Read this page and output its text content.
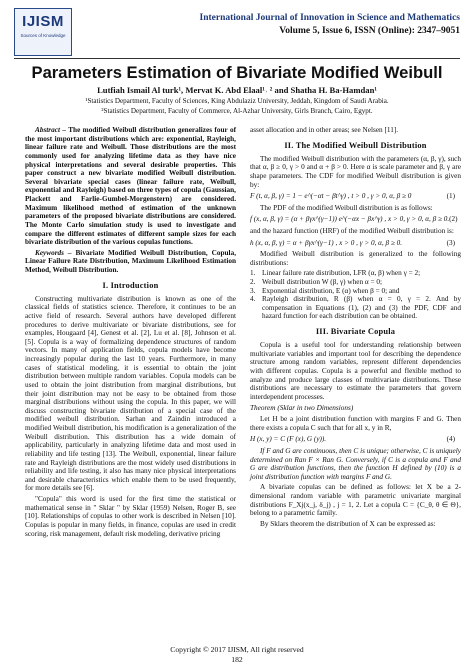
IJISM
Sources of Knowledge
International Journal of Innovation in Science and Mathematics
Volume 5, Issue 6, ISSN (Online): 2347–9051
Parameters Estimation of Bivariate Modified Weibull
Lutfiah Ismail Al turk¹, Mervat K. Abd Elaal¹˒ ² and Shatha H. Ba-Hamdan¹
¹Statistics Department, Faculty of Sciences, King Abdulaziz University, Jeddah, Kingdom of Saudi Arabia.
²Statistics Department, Faculty of Commerce, Al-Azhar University, Girls Branch, Cairo, Egypt.

Abstract – The modified Weibull distribution generalizes four of the most important distributions which are: exponential, Rayleigh, linear failure rate and Weibull. Those distributions are the most commonly used for analyzing lifetime data as they have nice physical interpretations and several desirable properties. This paper construct a new bivariate modified Weibull distribution. Several bivariate special cases (linear failure rate, Weibull, exponential and Rayleigh) based on three types of copula (Gaussian, Plackett and Farlie-Gumbel-Morgenstern) are considered. Maximum likelihood method of estimation of the unknown parameters of the proposed bivariate distributions are considered. The Monte Carlo simulation study is used to investigate and compare the different estimates of different sample sizes for each bivariate distribution of the various copulas functions.

Keywords – Bivariate Modified Weibull Distribution, Copula, Linear Failure Rate Distribution, Maximum Likelihood Estimation Method, Weibull Distribution.

I. Introduction

Constructing multivariate distribution is known as one of the classical fields of statistics science. Therefore, it continues to be an active field of research. Several authors have developed different procedures to derive multivariate or bivariate distributions, see for examples, Hougaard [4], Genest et al. [2], Lu et al. [8], Johnson et al. [5]. Copula is a way of formalizing dependence structures of random vectors. In many of application fields, copula models have become increasingly popular during the last 10 years. Furthermore, in many cases of statistical modeling, it is essential to obtain the joint distribution between multiple random variables. Copula models can be used to obtain the joint distribution from marginal distributions, but their joint distribution may not be easy to be obtained from those marginal distributions without using the copula. In this paper, we will discuss constructing bivariate distribution of a special case of the modified weibull distribution. Sarhan and Zaindin introduced a modified Weibull distribution, his modification is a generalization of the Weibull distribution. This distribution has a wide domain of applicability, particularly in analyzing lifetime data and most used in reliability and life testing [13]. The Weibull, exponential, linear failure rate and Rayleigh distributions are the most widely used distributions in reliability and life testing, it also has many nice physical interpretations and desirable characteristics which enable them to be used frequently, for more details see [6].

"Copula" this word is used for the first time the statistical or mathematical sense in " Sklar " by Sklar (1959) Nelsen, Roger B, see [10]. Relationships of copulas to other work is described in Nelsen [10]. Copulas is popular in many fields, in finance, copulas are used in credit scoring, risk management, default risk modeling, derivative pricing

asset allocation and in other areas; see Nelsen [11].

II. The Modified Weibull Distribution

The modified Weibull distribution with the parameters (α, β, γ), such that α, β ≥ 0, γ > 0 and α + β > 0. Here α is scale parameter and β, γ are shape parameters. The CDF for modified Weibull distribution is given by:

F (t, α, β, γ) = 1 − e^(−αt − βt^γ) , t > 0 , γ > 0, α, β ≥ 0	(1)

The PDF of the modified Weibull distribution is as follows:

f (x, α, β, γ) = (α + βγx^(γ−1)) e^(−αx − βx^γ) , x > 0, γ > 0, α, β ≥ 0. (2)

and the hazard function (HRF) of the modified Weibull distribution is:

h (x, α, β, γ) = α + βγx^(γ−1) , x > 0 , γ > 0, α, β ≥ 0.	(3)

Modified Weibull distribution is generalized to the following distributions:

1. Linear failure rate distribution, LFR (α, β) when γ = 2;
2. Weibull distribution W (β, γ) when α = 0;
3. Exponential distribution, E (α) when β = 0; and
4. Rayleigh distribution, R (β) when α = 0, γ = 2. And by compensation in Equations (1), (2) and (3) the PDF, CDF and hazard function for each distribution can be obtained.
III. Bivariate Copula

Copula is a useful tool for understanding relationship between multivariate variables and important tool for describing the dependence structure among random variables, represent different dependencies with different copulas. Copula is a powerful and flexible method to analyze and produce large classes of multivariate distributions. These distributions are necessary to estimate the parameters that govern interdependent processes.

Theorem (Sklar in two Dimensions)

Let H be a joint distribution function with margins F and G. Then there exists a copula C such that for all x, y in R,

H (x, y) = C (F (x), G (y)).	(4)

If F and G are continuous, then C is unique; otherwise, C is uniquely determined on Ran F × Ran G. Conversely, if C is a copula and F and G are distribution functions, then the function H defined by (10) is a joint distribution function with margins F and G.

A bivariate copulas can be defined as follows: let X be a 2-dimensional random variable with parametric univariate marginal distributions F_Xj(x_j, δ_j) , j = 1, 2. Let a copula C = {C_θ, θ ∈ Θ}, belong to a parametric family.

By Sklars theorem the distribution of X can be expressed as:

Copyright © 2017 IJISM, All right reserved
182
